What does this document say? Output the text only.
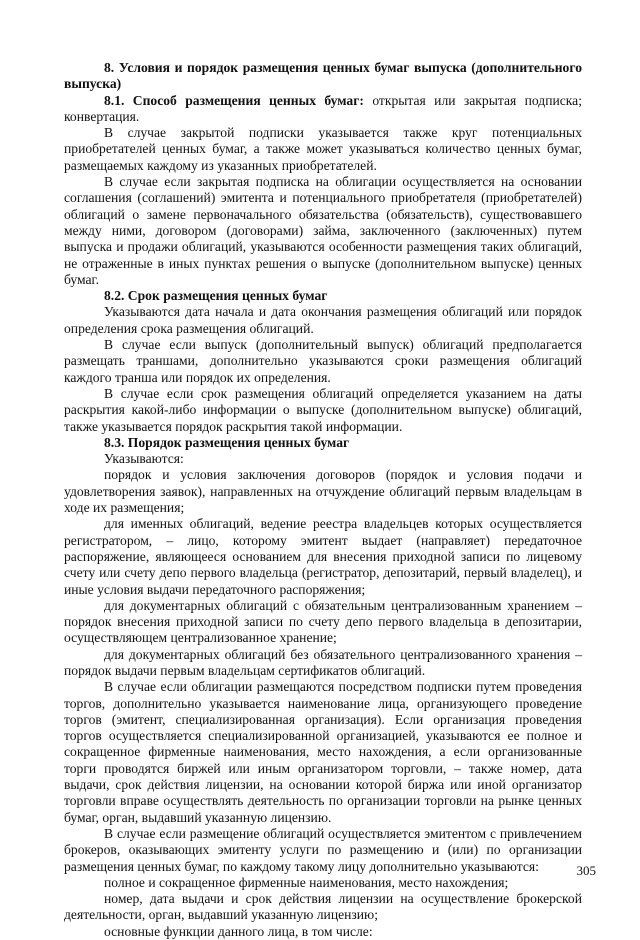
8. Условия и порядок размещения ценных бумаг выпуска (дополнительного выпуска)

8.1. Способ размещения ценных бумаг: открытая или закрытая подписка; конвертация.

В случае закрытой подписки указывается также круг потенциальных приобретателей ценных бумаг, а также может указываться количество ценных бумаг, размещаемых каждому из указанных приобретателей.

В случае если закрытая подписка на облигации осуществляется на основании соглашения (соглашений) эмитента и потенциального приобретателя (приобретателей) облигаций о замене первоначального обязательства (обязательств), существовавшего между ними, договором (договорами) займа, заключенного (заключенных) путем выпуска и продажи облигаций, указываются особенности размещения таких облигаций, не отраженные в иных пунктах решения о выпуске (дополнительном выпуске) ценных бумаг.

8.2. Срок размещения ценных бумаг

Указываются дата начала и дата окончания размещения облигаций или порядок определения срока размещения облигаций.

В случае если выпуск (дополнительный выпуск) облигаций предполагается размещать траншами, дополнительно указываются сроки размещения облигаций каждого транша или порядок их определения.

В случае если срок размещения облигаций определяется указанием на даты раскрытия какой-либо информации о выпуске (дополнительном выпуске) облигаций, также указывается порядок раскрытия такой информации.

8.3. Порядок размещения ценных бумаг

Указываются:

порядок и условия заключения договоров (порядок и условия подачи и удовлетворения заявок), направленных на отчуждение облигаций первым владельцам в ходе их размещения;

для именных облигаций, ведение реестра владельцев которых осуществляется регистратором, – лицо, которому эмитент выдает (направляет) передаточное распоряжение, являющееся основанием для внесения приходной записи по лицевому счету или счету депо первого владельца (регистратор, депозитарий, первый владелец), и иные условия выдачи передаточного распоряжения;

для документарных облигаций с обязательным централизованным хранением – порядок внесения приходной записи по счету депо первого владельца в депозитарии, осуществляющем централизованное хранение;

для документарных облигаций без обязательного централизованного хранения – порядок выдачи первым владельцам сертификатов облигаций.

В случае если облигации размещаются посредством подписки путем проведения торгов, дополнительно указывается наименование лица, организующего проведение торгов (эмитент, специализированная организация). Если организация проведения торгов осуществляется специализированной организацией, указываются ее полное и сокращенное фирменные наименования, место нахождения, а если организованные торги проводятся биржей или иным организатором торговли, – также номер, дата выдачи, срок действия лицензии, на основании которой биржа или иной организатор торговли вправе осуществлять деятельность по организации торговли на рынке ценных бумаг, орган, выдавший указанную лицензию.

В случае если размещение облигаций осуществляется эмитентом с привлечением брокеров, оказывающих эмитенту услуги по размещению и (или) по организации размещения ценных бумаг, по каждому такому лицу дополнительно указываются:

полное и сокращенное фирменные наименования, место нахождения;

номер, дата выдачи и срок действия лицензии на осуществление брокерской деятельности, орган, выдавший указанную лицензию;

основные функции данного лица, в том числе:

305
